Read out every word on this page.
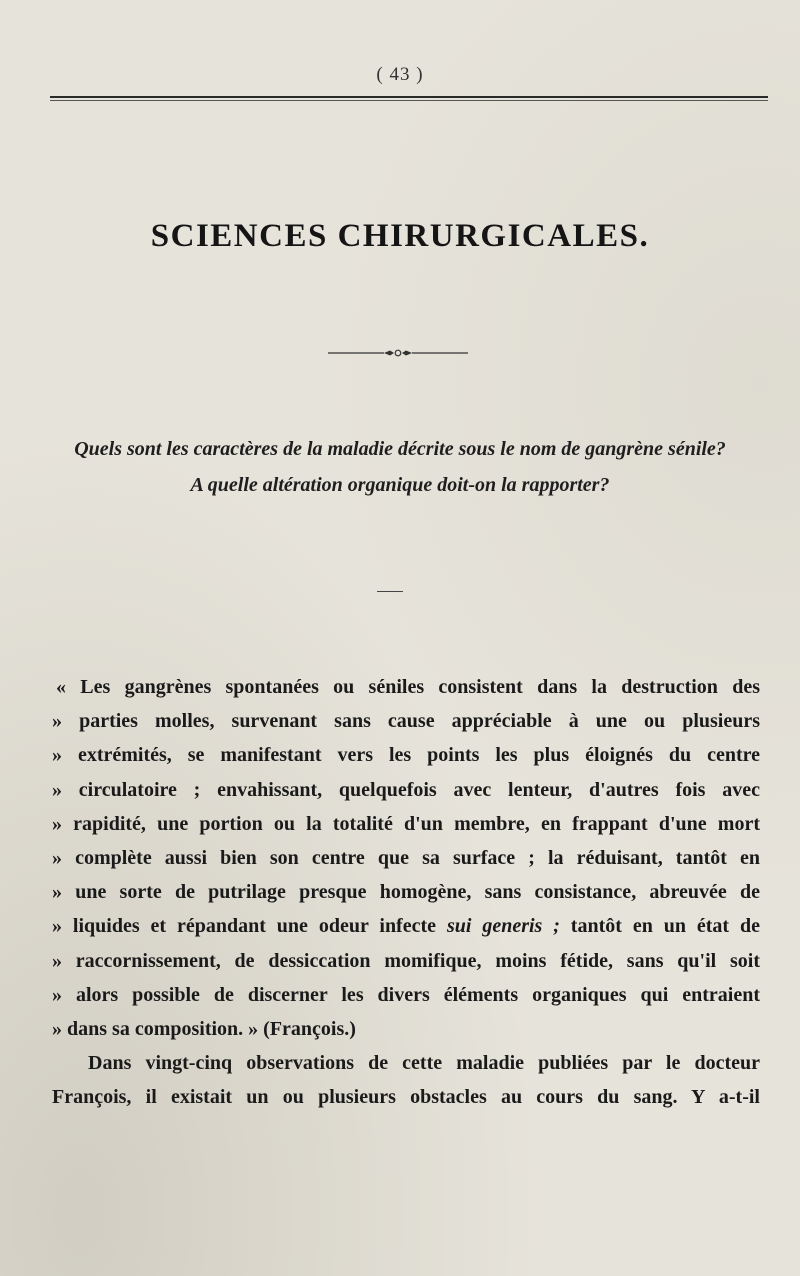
( 43 )
SCIENCES CHIRURGICALES.
Quels sont les caractères de la maladie décrite sous le nom de gangrène sénile?
A quelle altération organique doit-on la rapporter?
« Les gangrènes spontanées ou séniles consistent dans la destruction des
» parties molles, survenant sans cause appréciable à une ou plusieurs
» extrémités, se manifestant vers les points les plus éloignés du centre
» circulatoire ; envahissant, quelquefois avec lenteur, d'autres fois avec
» rapidité, une portion ou la totalité d'un membre, en frappant d'une mort
» complète aussi bien son centre que sa surface ; la réduisant, tantôt en
» une sorte de putrilage presque homogène, sans consistance, abreuvée de
» liquides et répandant une odeur infecte sui generis ; tantôt en un état de
» raccornissement, de dessiccation momifique, moins fétide, sans qu'il soit
» alors possible de discerner les divers éléments organiques qui entraient
» dans sa composition. » (François.)
Dans vingt-cinq observations de cette maladie publiées par le docteur
François, il existait un ou plusieurs obstacles au cours du sang. Y a-t-il
